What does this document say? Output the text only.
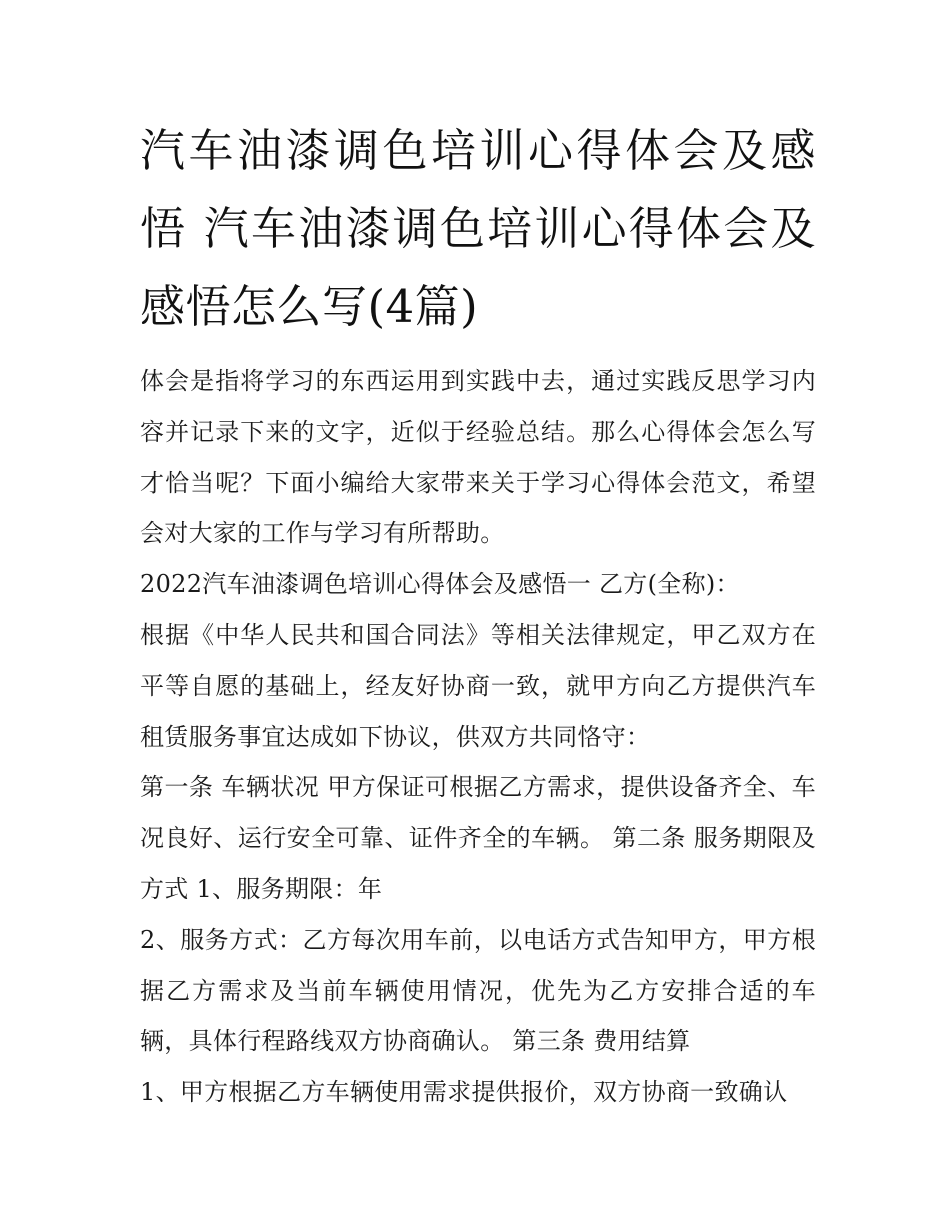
汽车油漆调色培训心得体会及感悟 汽车油漆调色培训心得体会及感悟怎么写(4篇)

体会是指将学习的东西运用到实践中去，通过实践反思学习内容并记录下来的文字，近似于经验总结。那么心得体会怎么写才恰当呢？下面小编给大家带来关于学习心得体会范文，希望会对大家的工作与学习有所帮助。

2022汽车油漆调色培训心得体会及感悟一 乙方(全称)：

根据《中华人民共和国合同法》等相关法律规定，甲乙双方在平等自愿的基础上，经友好协商一致，就甲方向乙方提供汽车租赁服务事宜达成如下协议，供双方共同恪守：

第一条 车辆状况 甲方保证可根据乙方需求，提供设备齐全、车况良好、运行安全可靠、证件齐全的车辆。 第二条 服务期限及方式 1、服务期限：年

2、服务方式：乙方每次用车前，以电话方式告知甲方，甲方根据乙方需求及当前车辆使用情况，优先为乙方安排合适的车辆，具体行程路线双方协商确认。 第三条 费用结算

1、甲方根据乙方车辆使用需求提供报价，双方协商一致确认
